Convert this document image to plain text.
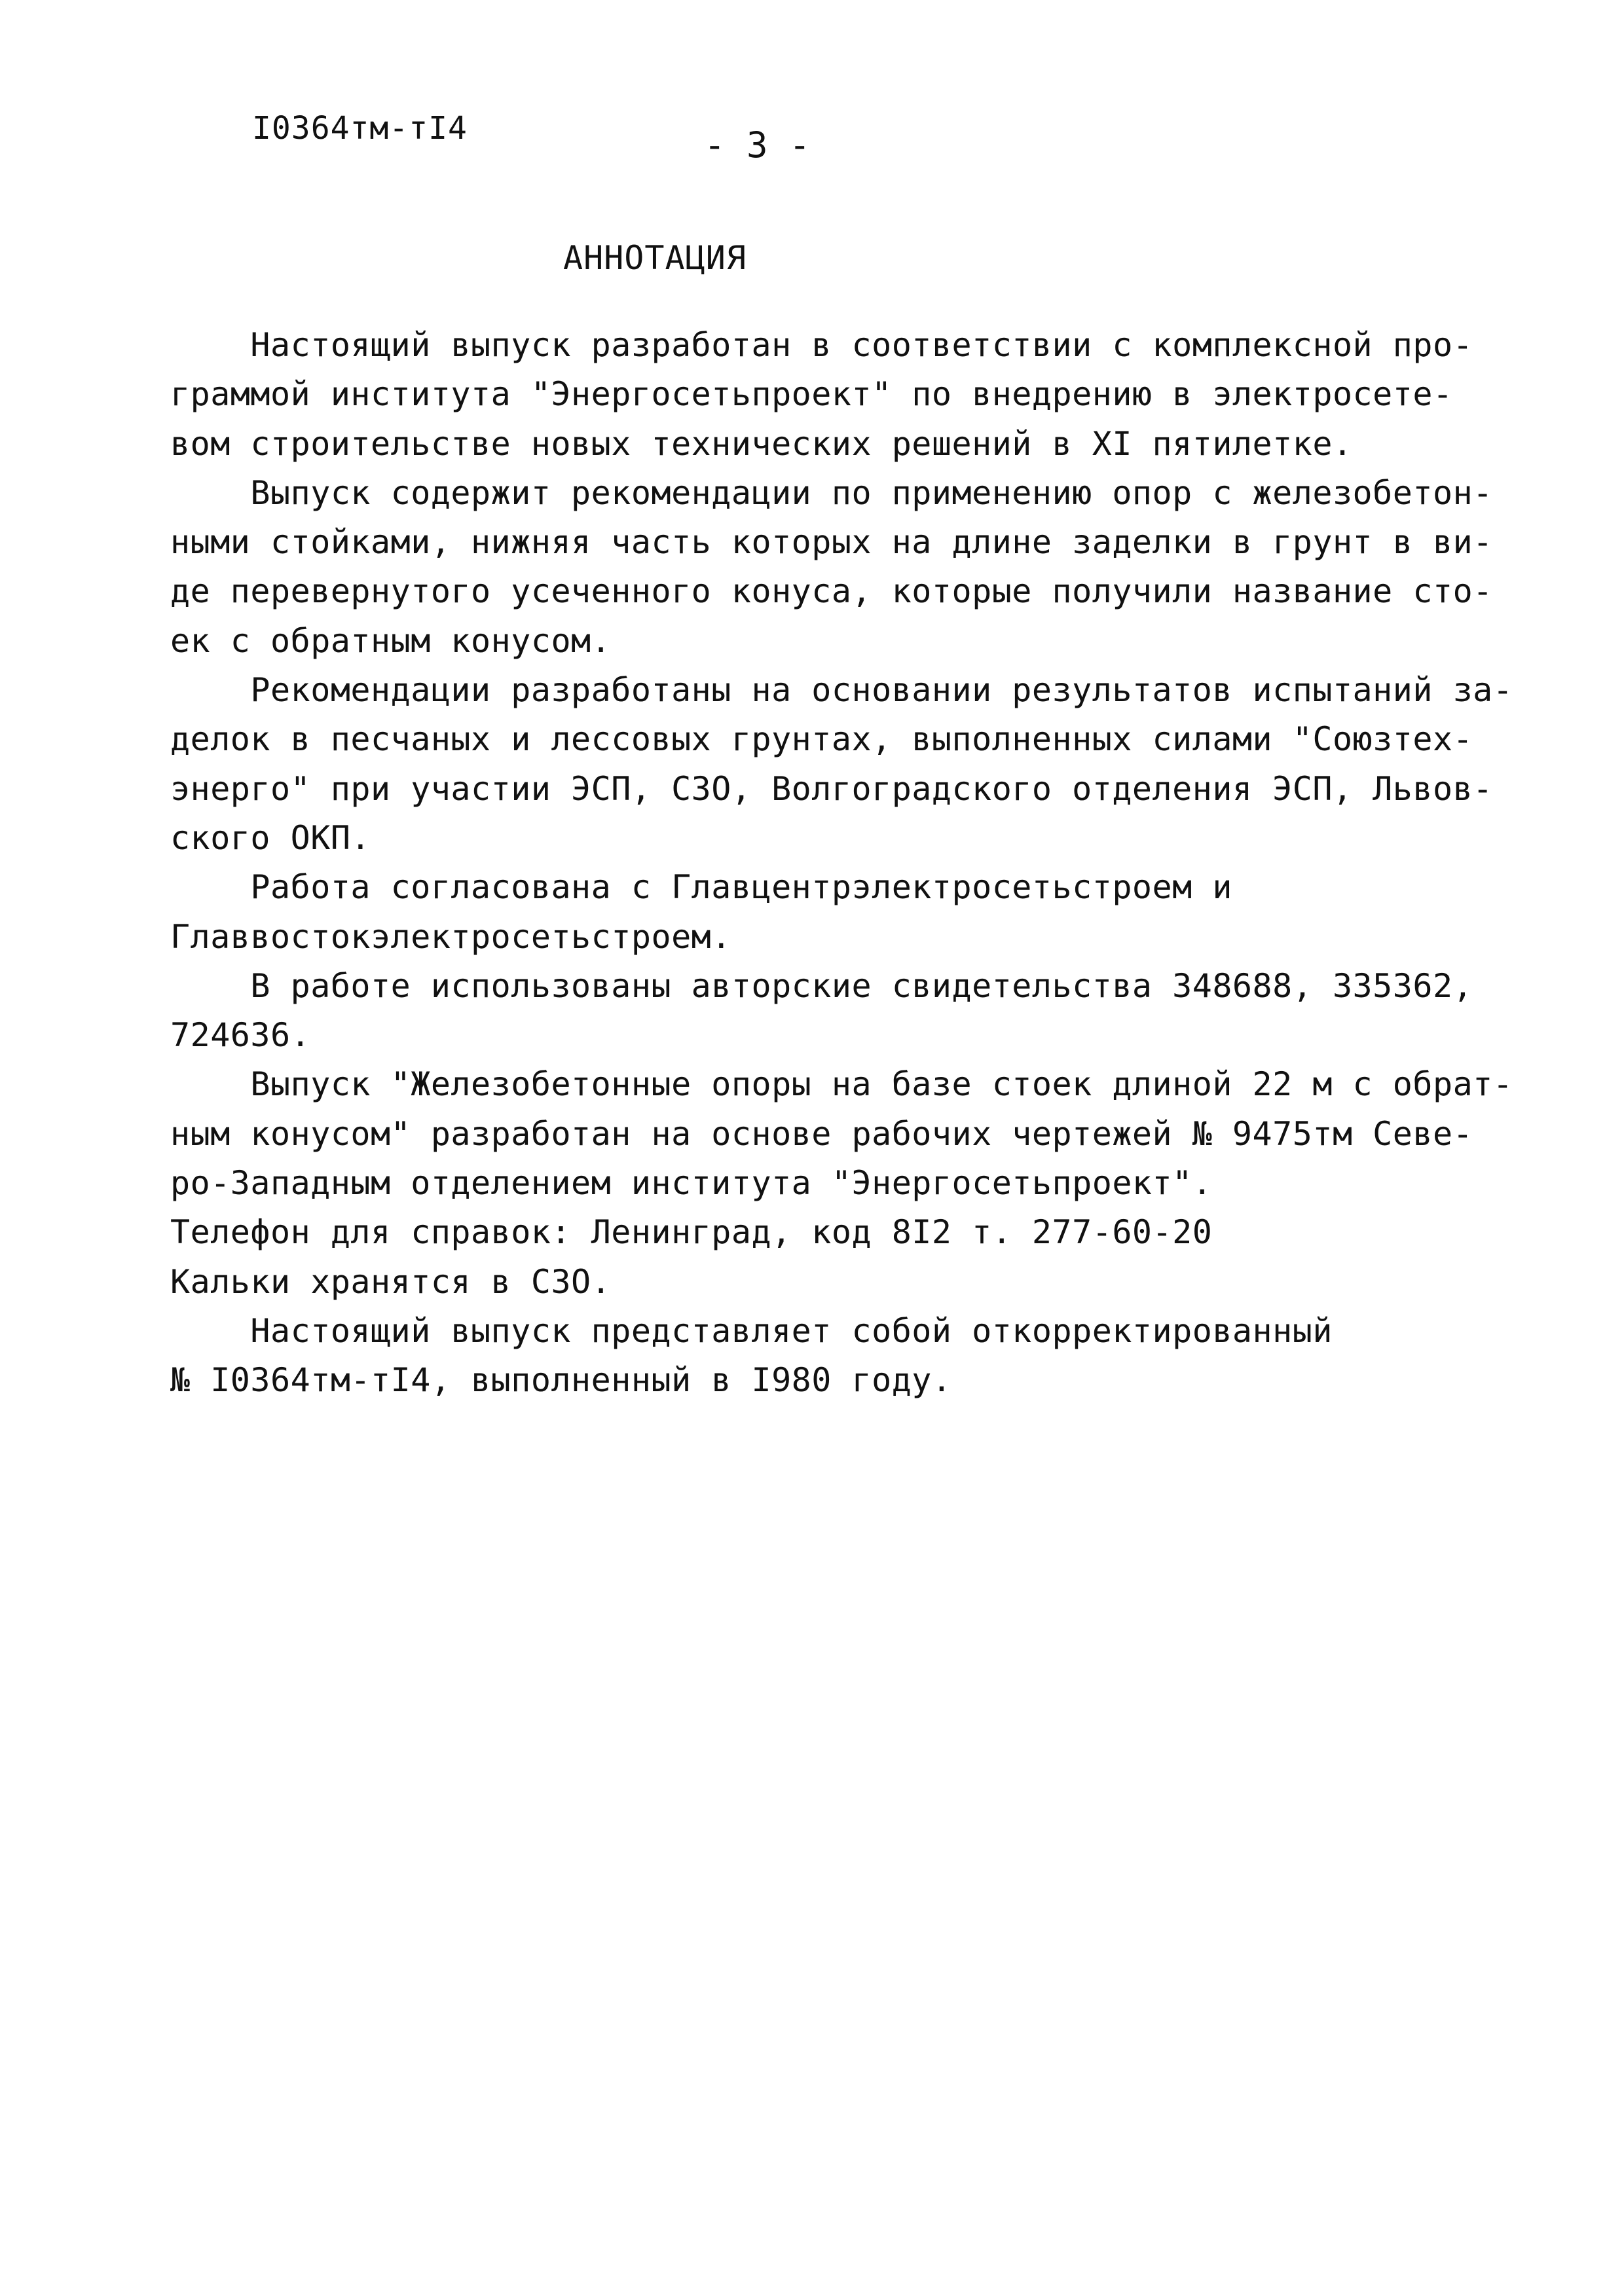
I0364тм-тI4	- 3 -
АННОТАЦИЯ
Настоящий выпуск разработан в соответствии с комплексной про-
граммой института "Энергосетьпроект" по внедрению в электросете-
вом строительстве новых технических решений в XI пятилетке.
Выпуск содержит рекомендации по применению опор с железобетон-
ными стойками, нижняя часть которых на длине заделки в грунт в ви-
де перевернутого усеченного конуса, которые получили название сто-
ек с обратным конусом.
Рекомендации разработаны на основании результатов испытаний за-
делок в песчаных и лессовых грунтах, выполненных силами "Союзтех-
энерго" при участии ЭСП, СЗО, Волгоградского отделения ЭСП, Львов-
ского ОКП.
Работа согласована с Главцентрэлектросетьстроем и
Главвостокэлектросетьстроем.
В работе использованы авторские свидетельства 348688, 335362,
724636.
Выпуск "Железобетонные опоры на базе стоек длиной 22 м с обрат-
ным конусом" разработан на основе рабочих чертежей № 9475тм Севе-
ро-Западным отделением института "Энергосетьпроект".
Телефон для справок: Ленинград, код 8I2 т. 277-60-20
Кальки хранятся в СЗО.
Настоящий выпуск представляет собой откорректированный
№ I0364тм-тI4, выполненный в I980 году.
